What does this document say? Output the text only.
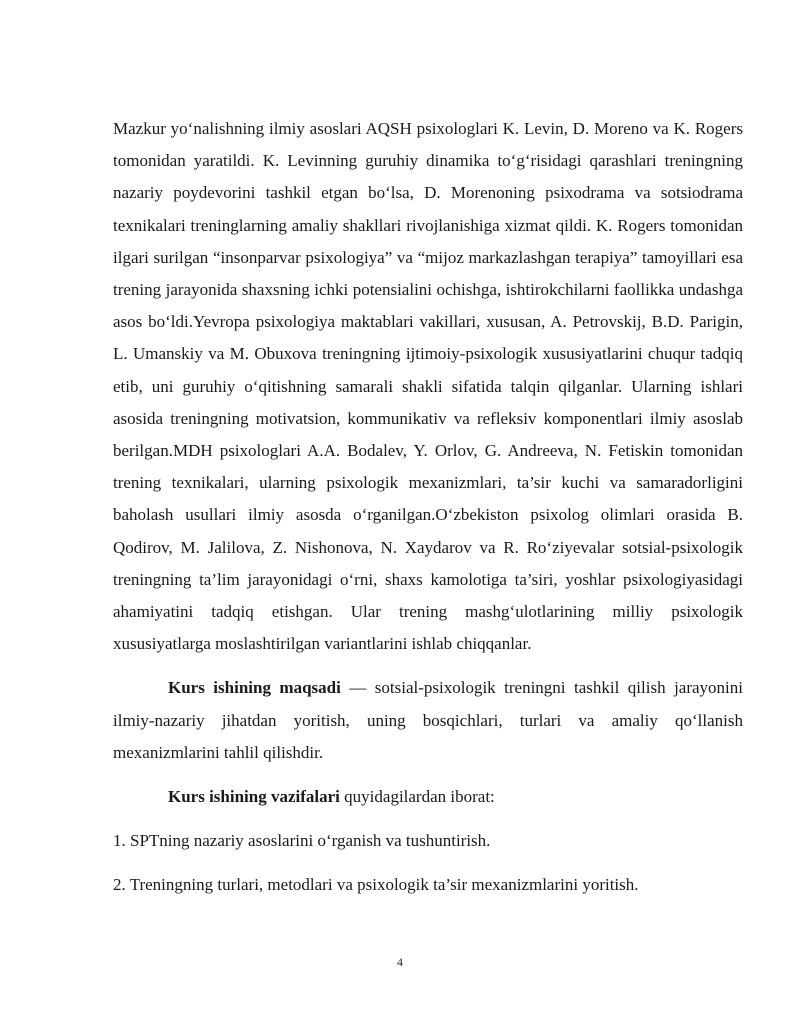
Mazkur yo‘nalishning ilmiy asoslari AQSH psixologlari K. Levin, D. Moreno va K. Rogers tomonidan yaratildi. K. Levinning guruhiy dinamika to‘g‘risidagi qarashlari treningning nazariy poydevorini tashkil etgan bo‘lsa, D. Morenoning psixodrama va sotsiodrama texnikalari treninglarning amaliy shakllari rivojlanishiga xizmat qildi. K. Rogers tomonidan ilgari surilgan “insonparvar psixologiya” va “mijoz markazlashgan terapiya” tamoyillari esa trening jarayonida shaxsning ichki potensialini ochishga, ishtirokchilarni faollikka undashga asos bo‘ldi.Yevropa psixologiya maktablari vakillari, xususan, A. Petrovskij, B.D. Parigin, L. Umanskiy va M. Obuxova treningning ijtimoiy-psixologik xususiyatlarini chuqur tadqiq etib, uni guruhiy o‘qitishning samarali shakli sifatida talqin qilganlar. Ularning ishlari asosida treningning motivatsion, kommunikativ va refleksiv komponentlari ilmiy asoslab berilgan.MDH psixologlari A.A. Bodalev, Y. Orlov, G. Andreeva, N. Fetiskin tomonidan trening texnikalari, ularning psixologik mexanizmlari, ta’sir kuchi va samaradorligini baholash usullari ilmiy asosda o‘rganilgan.O‘zbekiston psixolog olimlari orasida B. Qodirov, M. Jalilova, Z. Nishonova, N. Xaydarov va R. Ro‘ziyevalar sotsial-psixologik treningning ta’lim jarayonidagi o‘rni, shaxs kamolotiga ta’siri, yoshlar psixologiyasidagi ahamiyatini tadqiq etishgan. Ular trening mashg‘ulotlarining milliy psixologik xususiyatlarga moslashtirilgan variantlarini ishlab chiqqanlar.

Kurs ishining maqsadi — sotsial-psixologik treningni tashkil qilish jarayonini ilmiy-nazariy jihatdan yoritish, uning bosqichlari, turlari va amaliy qo‘llanish mexanizmlarini tahlil qilishdir.

Kurs ishining vazifalari quyidagilardan iborat:

1. SPTning nazariy asoslarini o‘rganish va tushuntirish.

2. Treningning turlari, metodlari va psixologik ta’sir mexanizmlarini yoritish.

4
